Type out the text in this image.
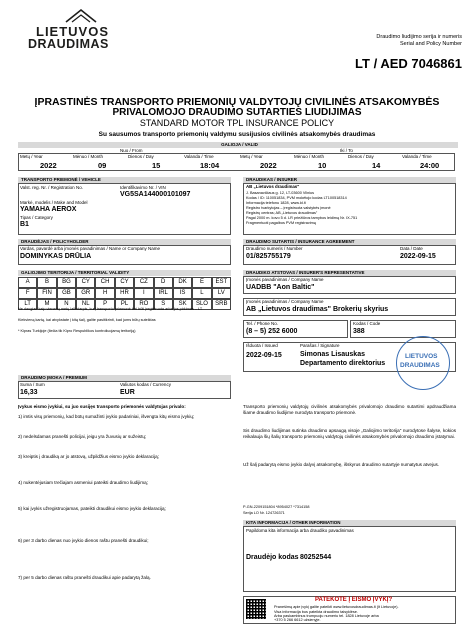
LIETUVOS
DRAUDIMAS	Draudimo liudijimo serija ir numeris
Serial and Policy Number
LT / AED 7046861
ĮPRASTINĖS TRANSPORTO PRIEMONIŲ VALDYTOJŲ CIVILINĖS ATSAKOMYBĖS
PRIVALOMOJO DRAUDIMO SUTARTIES LIUDIJIMAS
STANDARD MOTOR TPL INSURANCE POLICY
Su sausumos transporto priemonių valdymu susijusios civilinės atsakomybės draudimas
GALIOJA / VALID
Nuo / From	Iki / To
Metų / Year	Mėnuo / Month	Dienos / Day	Valanda / Time	Metų / Year	Mėnuo / Month	Dienos / Day	Valanda / Time
2022	09	15	18:04	2022	10	14	24:00
TRANSPORTO PRIEMONĖ / VEHICLE
Valst. reg. Nr. / Registration No.	Identifikavimo Nr. / VIN
VG5SA144000101097
Markė, modelis / Make and Model
YAMAHA AEROX
Tipas / Category
B1
DRAUDIKAS / INSURER
AB „Lietuvos draudimas"
J. Basanavičiaus g. 12, LT-03600 Vilnius
Kodas / ID: 110051834, PVM mokėtojo kodas LT100518314
Informacija telefonu 1828, www.ld.lt
Registro tvarkytojas – įregistruota valstybės įmonė
Registrų centras; AB „Lietuvos draudimas"
Pagal 2000 m. kovo 5 d. LR priežiūros tarnybos leidimą Nr. IX-751
Fragmentuoti pagalbos PVM registravimą
DRAUDĖJAS / POLICYHOLDER
Vardas, pavardė arba įmonės pavadinimas / Name or Company Name
DOMINYKAS DRŪLIA
DRAUDIMO SUTARTIS / INSURANCE AGREEMENT
Draudimo numeris / Number
01/825755179
Data / Date
2022-09-15
GALIOJIMO TERITORIJA / TERRITORIAL VALIDITY
A	B	BG	CY	CH	CY	CZ	D	DK	E	EST
F	FIN	GB	GR	H	HR	I	IRL	IS	L	LV
LT	M	N	NL	P	PL	RO	S	SK	SLO	SRB
Ne daugiau kaip vienerių metų laikotarpis, kurį transporto priemonė turi būti įregistruota arba jos pirkimas – LT
Kiekvieną kartą, kai atvykstate į kitą šalį, galite pasitikrinti, kad jums būtų suteiktas
* Kipras Turkijoje (liečia tik Kipro Respublikos kontroliuojamą teritoriją)
DRAUDIKO ATSTOVAS / INSURER'S REPRESENTATIVE
Įmonės pavadinimas / Company Name
UADBB "Aon Baltic"
Įmonės pavadinimas / Company Name
AB „Lietuvos draudimas" Brokerių skyrius
Tel. / Phone No.
(8 – 5) 252 6000
Kodas / Code
388
Išduota / Issued
2022-09-15
Parašas / Signature
Simonas Lisauskas
Departamento direktorius
LIETUVOS
DRAUDIMAS
DRAUDIMO ĮMOKA / PREMIUM
Suma / Sum
16,33
Valiutos kodas / Currency
EUR
Įvykus eismo įvykiui, su juo susijęs transporto priemonės valdytojas privalo:
1) imtis visų priemonių, kad būtų sumažinti įvykio padariniai, išvengta kitų eismo įvykių;
2) nedelsdamas pranešti policijai, jeigu yra žuvusių ar sužeistų;
3) kreiptis į draudiką ar jo atstovą, užpildžius eismo įvykio deklaraciją;
4) nukentėjusiam trečiajam asmeniui pateikti draudimo liudijimą;
5) kai įvykis užregistruojamas, pateikti draudikui eismo įvykio deklaraciją;
6) per 3 darbo dienas nuo įvykio dienos raštu pranešti draudikui;
7) per 5 darbo dienas raštu pranešti draudikui apie padarytą žalą.
Transporto priemonių valdytojų civilinės atsakomybės privalomojo draudimo sutartimi apdraudžiama šiame draudimo liudijime nurodyta transporto priemonė.
Sis draudimo liudijimas sutinka draudimo apsaugą visoje „Galiojimo teritorija" nurodytose šalyse, kokios reikalauja šių šalių transporto priemonių valdytojų civilinės atsakomybės privalomojo draudimo įstatymai.
Už šalį padarytą eismo įvykio dalyvį atsakomybę, išskyrus draudimo sutartyje numatytus atvejus.
P-GN-2209151804 *8954027 *7314158
Serija LO Nr. 124726371
KITA INFORMACIJA / OTHER INFORMATION
Papildoma kita informacija arba draudiko pavadinimas
Draudėjo kodas 80252544
PATEKOTE Į EISMO ĮVYKĮ?
Pranešimą apie įvykį galite pateikti www.lietuvosdraudimas.lt (lt Lietuvoje).
Visa informacija bus pateikta draudimo taisyklėse.
Arba paskambinus trumpuoju numeriu tel. 1828 Lietuvoje arba
+370 5 266 6612 užsienyje.
